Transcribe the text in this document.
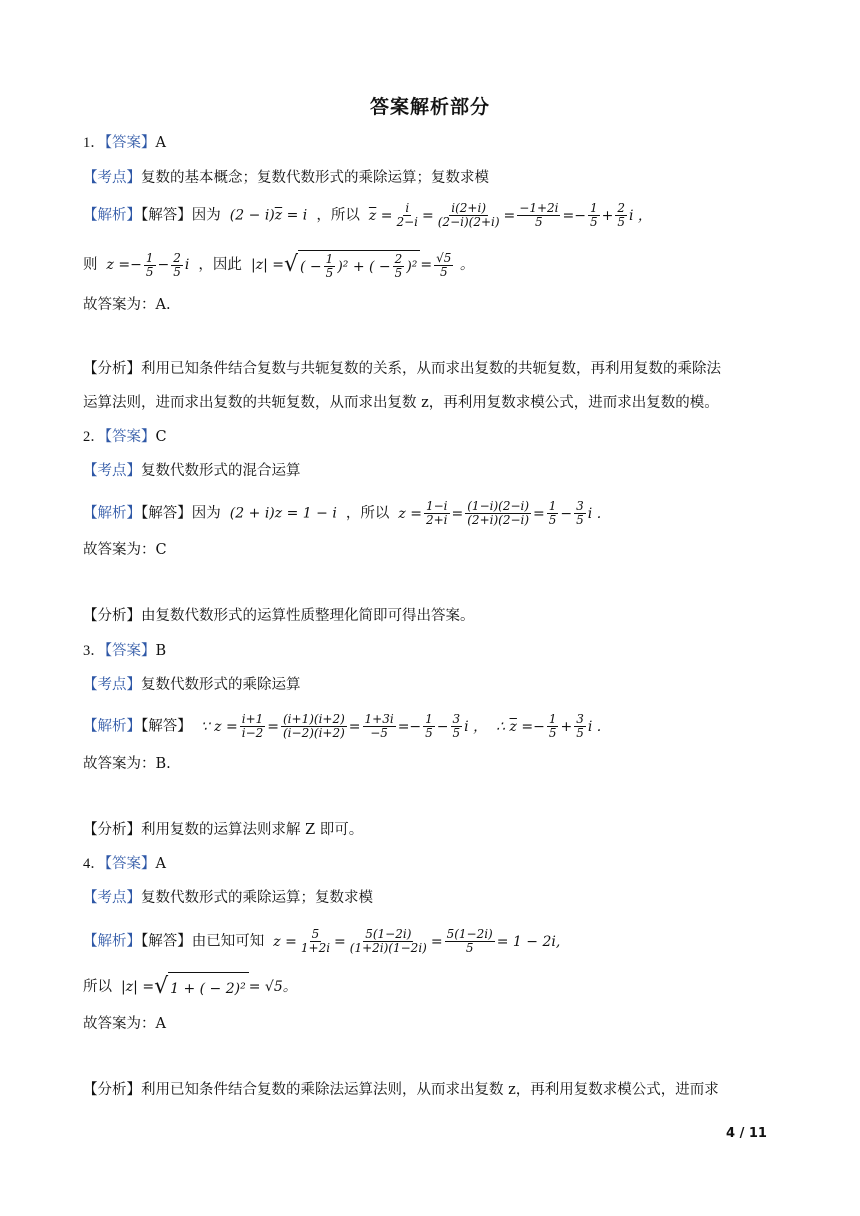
答案解析部分
1．【答案】A
【考点】复数的基本概念；复数代数形式的乘除运算；复数求模
【解析】【解答】因为  $(2 - i)\overline{z} = i$ ，所以 $\overline{z} = \frac{i}{2-i} = \frac{i(2+i)}{(2-i)(2+i)} = \frac{-1+2i}{5} =- \frac{1}{5} + \frac{2}{5}$ i ，
则  $z =- \frac{1}{5} - \frac{2}{5}$ i ，因此  |z| = √ ( − $\frac{1}{5} )^2$ + ( − $\frac{2}{5} )^2 = \frac{√5}{5}$ 。
故答案为：A.
【分析】利用已知条件结合复数与共轭复数的关系，从而求出复数的共轭复数，再利用复数的乘除法
运算法则，进而求出复数的共轭复数，从而求出复数 z，再利用复数求模公式，进而求出复数的模。
2．【答案】C
【考点】复数代数形式的混合运算
【解析】【解答】因为  (2 + i)z = 1 − i ，所以  $z = \frac{1-i}{2+i} = \frac{(1-i)(2-i)}{(2+i)(2-i)} = \frac{1}{5} - \frac{3}{5}$ i .
故答案为：C
【分析】由复数代数形式的运算性质整理化简即可得出答案。
3．【答案】B
【考点】复数代数形式的乘除运算
【解析】【解答】  ∵ $z = \frac{i+1}{i-2} = \frac{(i+1)(i+2)}{(i-2)(i+2)} = \frac{1+3i}{-5} =- \frac{1}{5} - \frac{3}{5}$ i ，  ∴ $\overline{z} =- \frac{1}{5} + \frac{3}{5}$ i .
故答案为：B.
【分析】利用复数的运算法则求解 Z 即可。
4．【答案】A
【考点】复数代数形式的乘除运算；复数求模
【解析】【解答】由已知可知  $z = \frac{5}{1+2i} = \frac{5(1-2i)}{(1+2i)(1-2i)} = \frac{5(1-2i)}{5} = 1 - 2i$,
所以  |z| = √ 1 + ( − 2)² = √5。
故答案为：A
【分析】利用已知条件结合复数的乘除法运算法则，从而求出复数 z，再利用复数求模公式，进而求
4 / 11
